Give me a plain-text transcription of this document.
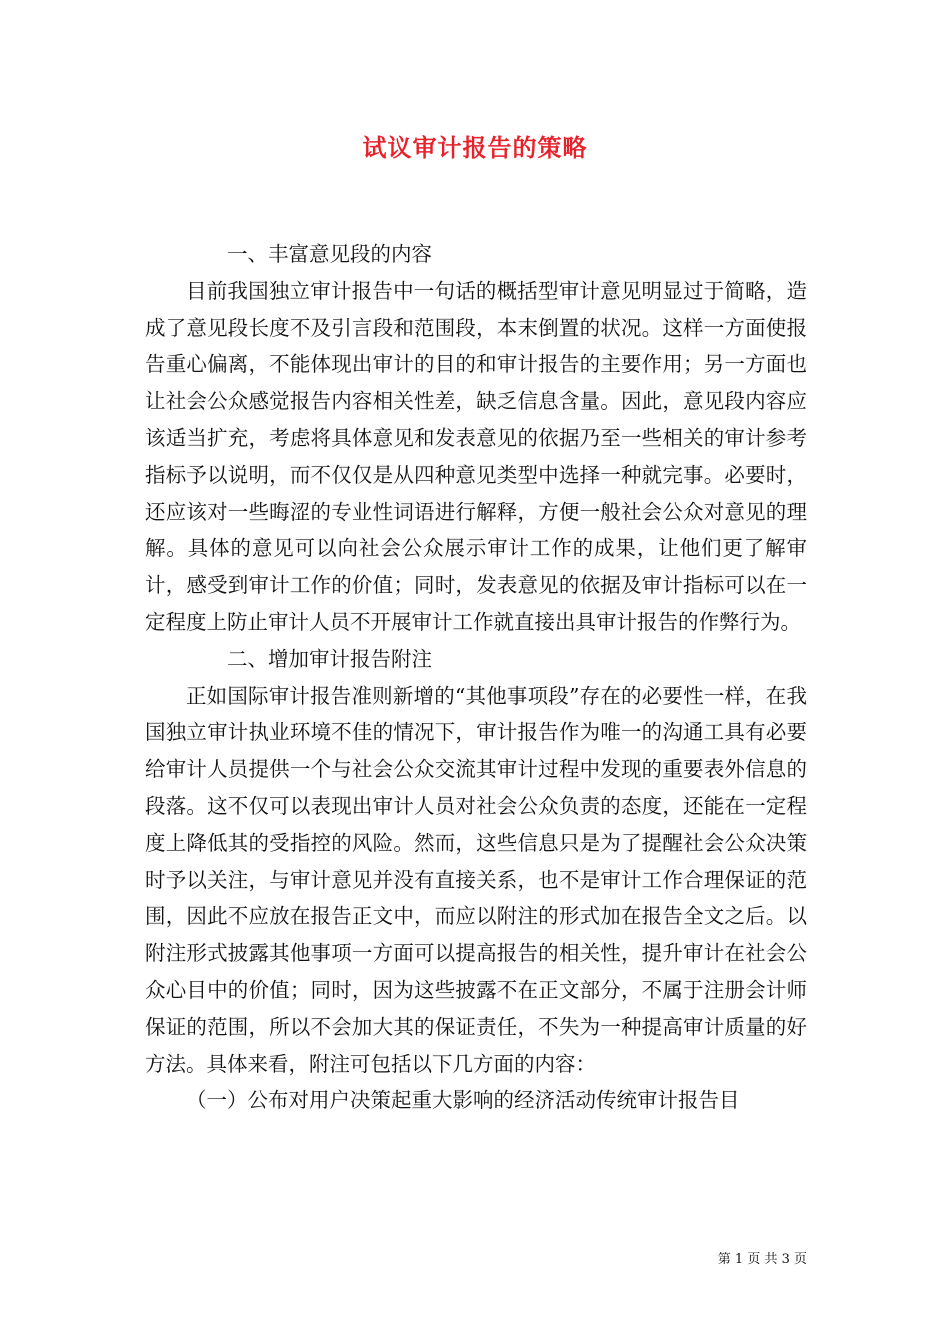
试议审计报告的策略

一、丰富意见段的内容

目前我国独立审计报告中一句话的概括型审计意见明显过于简略，造成了意见段长度不及引言段和范围段，本末倒置的状况。这样一方面使报告重心偏离，不能体现出审计的目的和审计报告的主要作用；另一方面也让社会公众感觉报告内容相关性差，缺乏信息含量。因此，意见段内容应该适当扩充，考虑将具体意见和发表意见的依据乃至一些相关的审计参考指标予以说明，而不仅仅是从四种意见类型中选择一种就完事。必要时，还应该对一些晦涩的专业性词语进行解释，方便一般社会公众对意见的理解。具体的意见可以向社会公众展示审计工作的成果，让他们更了解审计，感受到审计工作的价值；同时，发表意见的依据及审计指标可以在一定程度上防止审计人员不开展审计工作就直接出具审计报告的作弊行为。

二、增加审计报告附注

正如国际审计报告准则新增的“其他事项段”存在的必要性一样，在我国独立审计执业环境不佳的情况下，审计报告作为唯一的沟通工具有必要给审计人员提供一个与社会公众交流其审计过程中发现的重要表外信息的段落。这不仅可以表现出审计人员对社会公众负责的态度，还能在一定程度上降低其的受指控的风险。然而，这些信息只是为了提醒社会公众决策时予以关注，与审计意见并没有直接关系，也不是审计工作合理保证的范围，因此不应放在报告正文中，而应以附注的形式加在报告全文之后。以附注形式披露其他事项一方面可以提高报告的相关性，提升审计在社会公众心目中的价值；同时，因为这些披露不在正文部分，不属于注册会计师保证的范围，所以不会加大其的保证责任，不失为一种提高审计质量的好方法。具体来看，附注可包括以下几方面的内容：

（一）公布对用户决策起重大影响的经济活动传统审计报告目

第 1 页 共 3 页
